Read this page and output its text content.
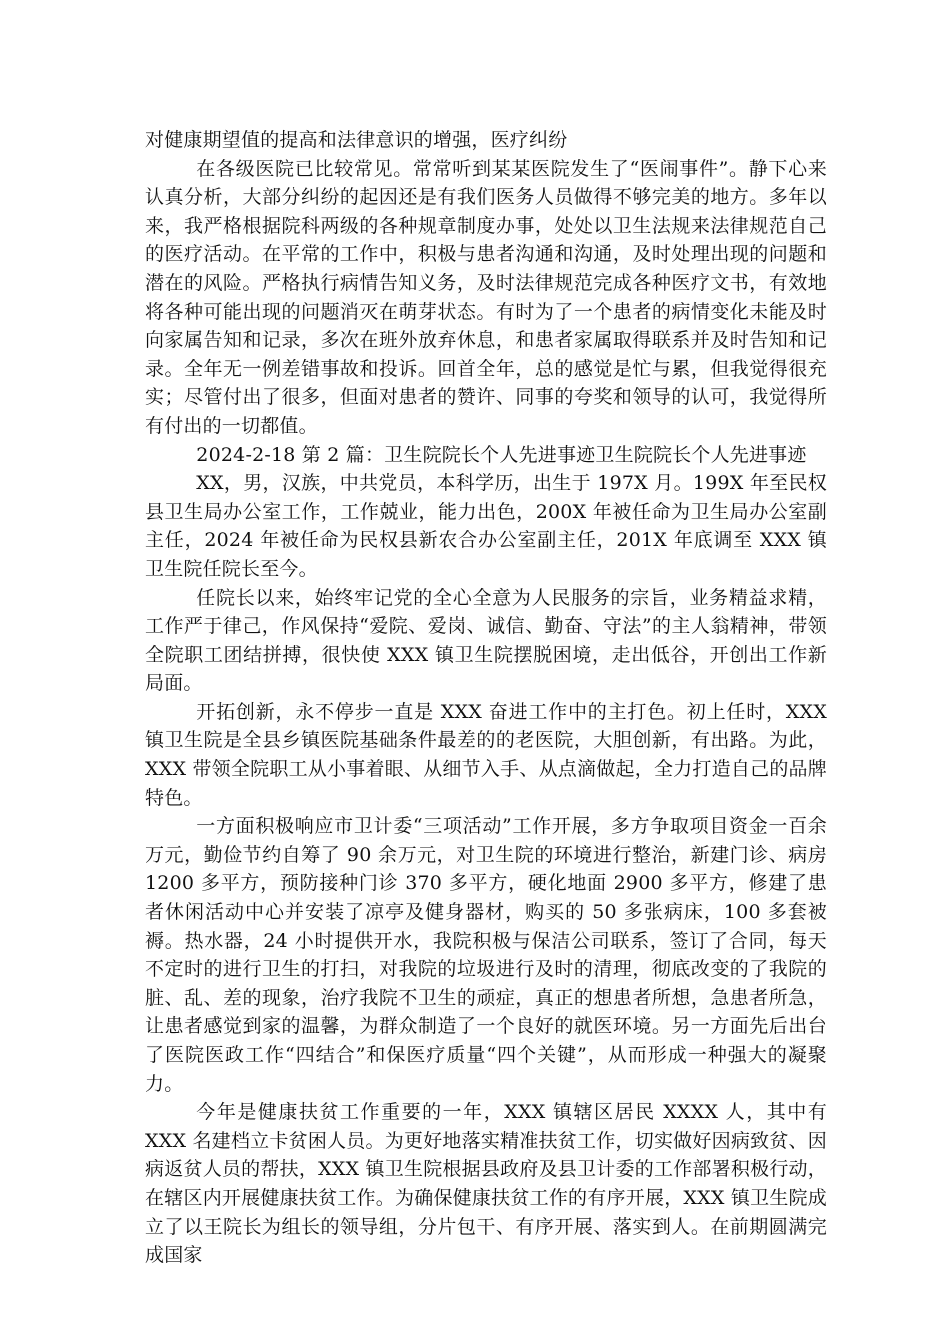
对健康期望值的提高和法律意识的增强，医疗纠纷

在各级医院已比较常见。常常听到某某医院发生了“医闹事件”。静下心来认真分析，大部分纠纷的起因还是有我们医务人员做得不够完美的地方。多年以来，我严格根据院科两级的各种规章制度办事，处处以卫生法规来法律规范自己的医疗活动。在平常的工作中，积极与患者沟通和沟通，及时处理出现的问题和潜在的风险。严格执行病情告知义务，及时法律规范完成各种医疗文书，有效地将各种可能出现的问题消灭在萌芽状态。有时为了一个患者的病情变化未能及时向家属告知和记录，多次在班外放弃休息，和患者家属取得联系并及时告知和记录。全年无一例差错事故和投诉。回首全年，总的感觉是忙与累，但我觉得很充实；尽管付出了很多，但面对患者的赞许、同事的夸奖和领导的认可，我觉得所有付出的一切都值。

2024-2-18 第 2 篇：卫生院院长个人先进事迹卫生院院长个人先进事迹

XX，男，汉族，中共党员，本科学历，出生于 197X 月。199X 年至民权县卫生局办公室工作，工作兢业，能力出色，200X 年被任命为卫生局办公室副主任，2024 年被任命为民权县新农合办公室副主任，201X 年底调至 XXX 镇卫生院任院长至今。

任院长以来，始终牢记党的全心全意为人民服务的宗旨，业务精益求精，工作严于律己，作风保持“爱院、爱岗、诚信、勤奋、守法”的主人翁精神，带领全院职工团结拼搏，很快使 XXX 镇卫生院摆脱困境，走出低谷，开创出工作新局面。

开拓创新，永不停步一直是 XXX 奋进工作中的主打色。初上任时，XXX 镇卫生院是全县乡镇医院基础条件最差的的老医院，大胆创新，有出路。为此，XXX 带领全院职工从小事着眼、从细节入手、从点滴做起，全力打造自己的品牌特色。

一方面积极响应市卫计委“三项活动”工作开展，多方争取项目资金一百余万元，勤俭节约自筹了 90 余万元，对卫生院的环境进行整治，新建门诊、病房 1200 多平方，预防接种门诊 370 多平方，硬化地面 2900 多平方，修建了患者休闲活动中心并安装了凉亭及健身器材，购买的 50 多张病床，100 多套被褥。热水器，24 小时提供开水，我院积极与保洁公司联系，签订了合同，每天不定时的进行卫生的打扫，对我院的垃圾进行及时的清理，彻底改变的了我院的脏、乱、差的现象，治疗我院不卫生的顽症，真正的想患者所想，急患者所急，让患者感觉到家的温馨，为群众制造了一个良好的就医环境。另一方面先后出台了医院医政工作“四结合”和保医疗质量“四个关键”，从而形成一种强大的凝聚力。

今年是健康扶贫工作重要的一年，XXX 镇辖区居民 XXXX 人，其中有 XXX 名建档立卡贫困人员。为更好地落实精准扶贫工作，切实做好因病致贫、因病返贫人员的帮扶，XXX 镇卫生院根据县政府及县卫计委的工作部署积极行动，在辖区内开展健康扶贫工作。为确保健康扶贫工作的有序开展，XXX 镇卫生院成立了以王院长为组长的领导组，分片包干、有序开展、落实到人。在前期圆满完成国家
